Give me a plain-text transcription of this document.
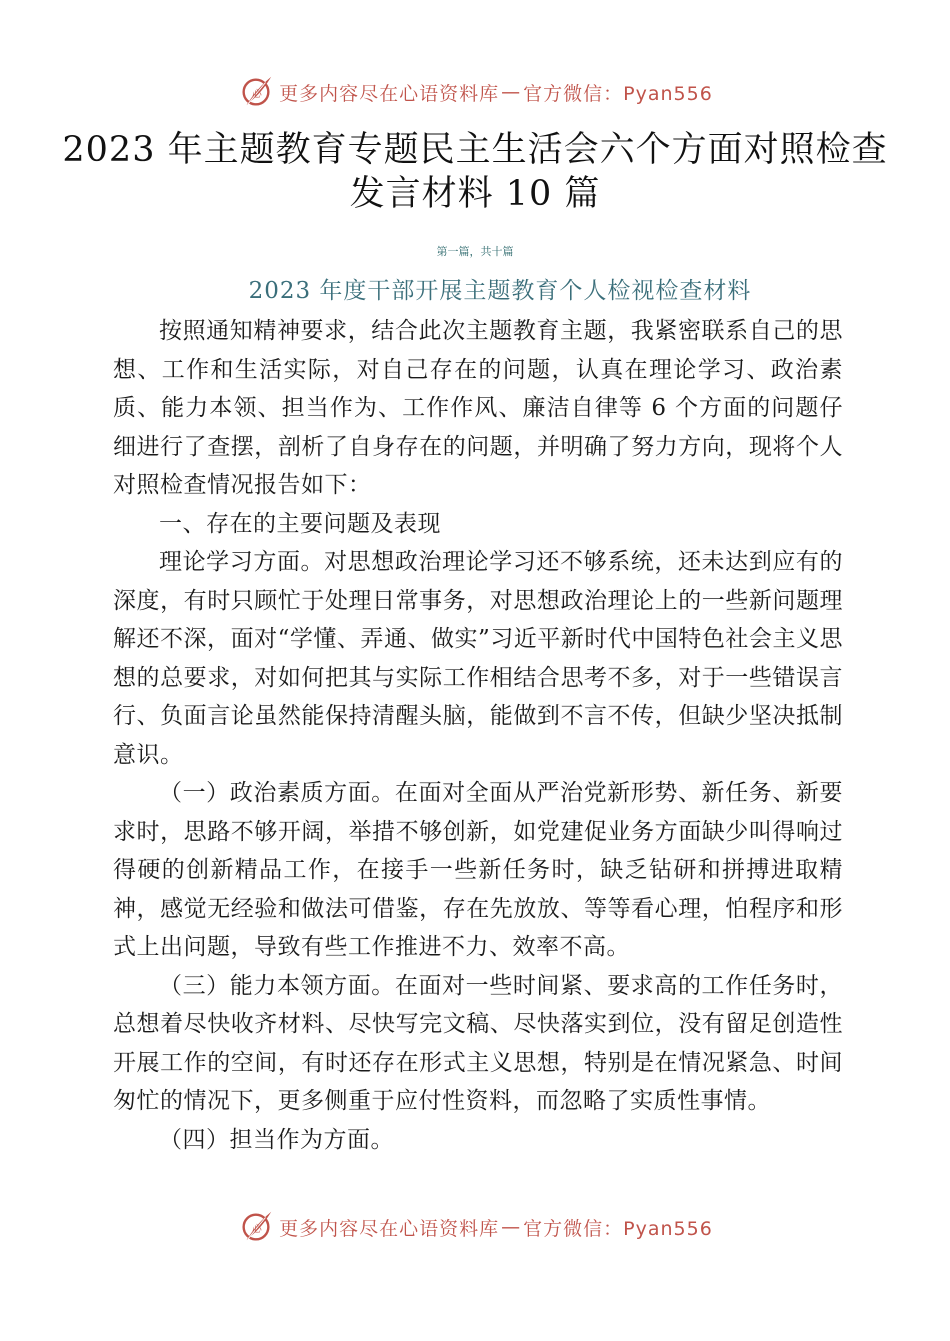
心 更多内容尽在心语资料库 — 官方微信：Pyan556
2023 年主题教育专题民主生活会六个方面对照检查发言材料 10 篇
第一篇，共十篇
2023 年度干部开展主题教育个人检视检查材料

按照通知精神要求，结合此次主题教育主题，我紧密联系自己的思想、工作和生活实际，对自己存在的问题，认真在理论学习、政治素质、能力本领、担当作为、工作作风、廉洁自律等 6 个方面的问题仔细进行了查摆，剖析了自身存在的问题，并明确了努力方向，现将个人对照检查情况报告如下：

一、存在的主要问题及表现

理论学习方面。对思想政治理论学习还不够系统，还未达到应有的深度，有时只顾忙于处理日常事务，对思想政治理论上的一些新问题理解还不深，面对“学懂、弄通、做实”习近平新时代中国特色社会主义思想的总要求，对如何把其与实际工作相结合思考不多，对于一些错误言行、负面言论虽然能保持清醒头脑，能做到不言不传，但缺少坚决抵制意识。

（一）政治素质方面。在面对全面从严治党新形势、新任务、新要求时，思路不够开阔，举措不够创新，如党建促业务方面缺少叫得响过得硬的创新精品工作，在接手一些新任务时，缺乏钻研和拼搏进取精神，感觉无经验和做法可借鉴，存在先放放、等等看心理，怕程序和形式上出问题，导致有些工作推进不力、效率不高。

（三）能力本领方面。在面对一些时间紧、要求高的工作任务时，总想着尽快收齐材料、尽快写完文稿、尽快落实到位，没有留足创造性开展工作的空间，有时还存在形式主义思想，特别是在情况紧急、时间匆忙的情况下，更多侧重于应付性资料，而忽略了实质性事情。

（四）担当作为方面。

心 更多内容尽在心语资料库 — 官方微信：Pyan556
